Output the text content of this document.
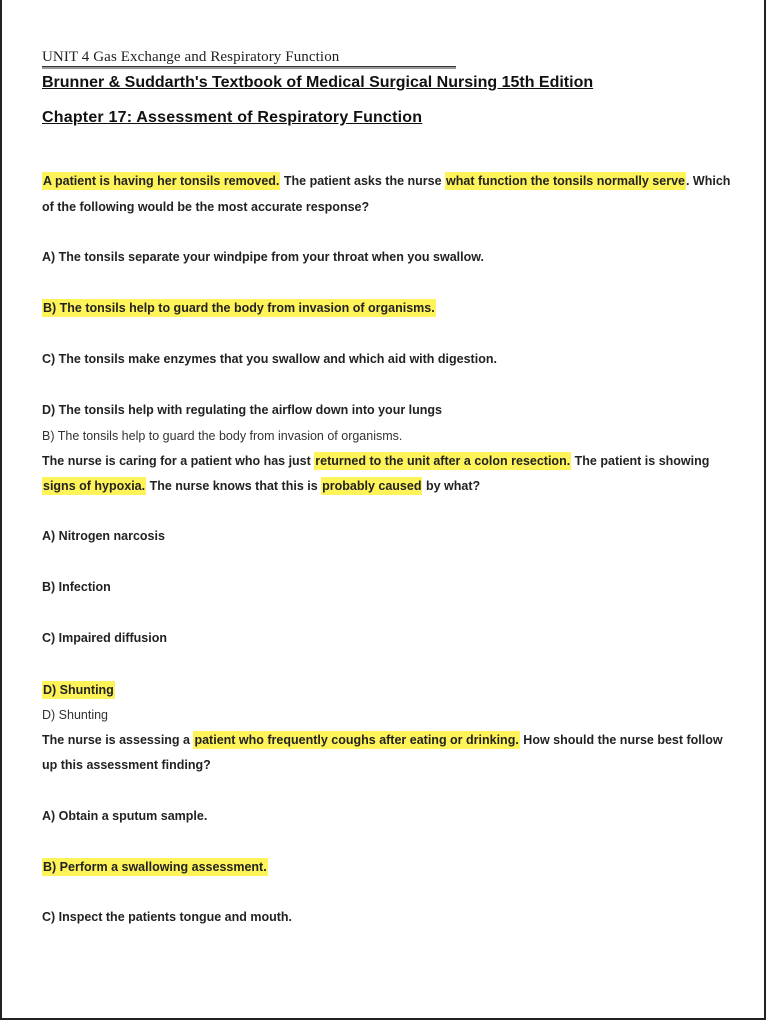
UNIT 4 Gas Exchange and Respiratory Function
Brunner & Suddarth's Textbook of Medical Surgical Nursing 15th Edition
Chapter 17: Assessment of Respiratory Function
A patient is having her tonsils removed. The patient asks the nurse what function the tonsils normally serve. Which
of the following would be the most accurate response?
A) The tonsils separate your windpipe from your throat when you swallow.
B) The tonsils help to guard the body from invasion of organisms.
C) The tonsils make enzymes that you swallow and which aid with digestion.
D) The tonsils help with regulating the airflow down into your lungs
B) The tonsils help to guard the body from invasion of organisms.
The nurse is caring for a patient who has just returned to the unit after a colon resection. The patient is showing
signs of hypoxia. The nurse knows that this is probably caused by what?
A) Nitrogen narcosis
B) Infection
C) Impaired diffusion
D) Shunting
D) Shunting
The nurse is assessing a patient who frequently coughs after eating or drinking. How should the nurse best follow
up this assessment finding?
A) Obtain a sputum sample.
B) Perform a swallowing assessment.
C) Inspect the patients tongue and mouth.
